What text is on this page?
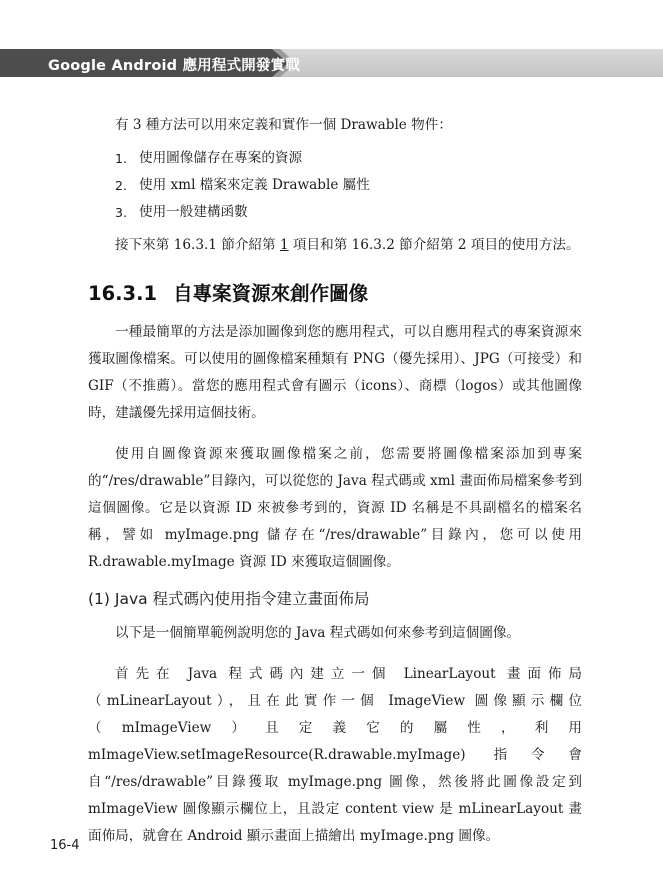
Google Android 應用程式開發實戰

有 3 種方法可以用來定義和實作一個 Drawable 物件：

1. 使用圖像儲存在專案的資源
2. 使用 xml 檔案來定義 Drawable 屬性
3. 使用一般建構函數

接下來第 16.3.1 節介紹第 1 項目和第 16.3.2 節介紹第 2 項目的使用方法。

16.3.1 自專案資源來創作圖像

一種最簡單的方法是添加圖像到您的應用程式，可以自應用程式的專案資源來獲取圖像檔案。可以使用的圖像檔案種類有 PNG（優先採用）、JPG（可接受）和 GIF（不推薦）。當您的應用程式會有圖示（icons）、商標（logos）或其他圖像時，建議優先採用這個技術。

使用自圖像資源來獲取圖像檔案之前，您需要將圖像檔案添加到專案的“/res/drawable”目錄內，可以從您的 Java 程式碼或 xml 畫面佈局檔案參考到這個圖像。它是以資源 ID 來被參考到的，資源 ID 名稱是不具副檔名的檔案名稱，譬如 myImage.png 儲存在“/res/drawable”目錄內，您可以使用 R.drawable.myImage 資源 ID 來獲取這個圖像。

(1) Java 程式碼內使用指令建立畫面佈局

以下是一個簡單範例說明您的 Java 程式碼如何來參考到這個圖像。

首先在 Java 程式碼內建立一個 LinearLayout 畫面佈局（mLinearLayout），且在此實作一個 ImageView 圖像顯示欄位（mImageView）且定義它的屬性，利用 mImageView.setImageResource(R.drawable.myImage) 指令會自“/res/drawable”目錄獲取 myImage.png 圖像，然後將此圖像設定到 mImageView 圖像顯示欄位上，且設定 content view 是 mLinearLayout 畫面佈局，就會在 Android 顯示畫面上描繪出 myImage.png 圖像。

16-4
